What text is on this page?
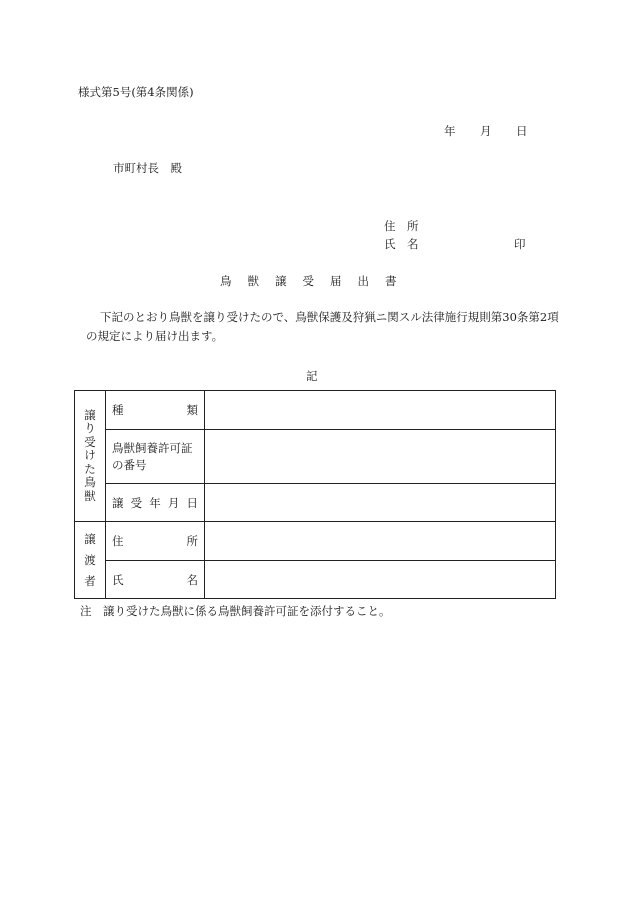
様式第5号(第4条関係)
年 月 日
市町村長　殿
住　所
氏　名	印
鳥 獣 譲 受 届 出 書
下記のとおり鳥獣を譲り受けたので、鳥獣保護及狩猟ニ関スル法律施行規則第30条第2項の規定により届け出ます。
記
譲り受けた鳥獣	種 類	

	鳥獣飼養許可証の番号	

	譲 受 年 月 日	

譲渡者	住 所	

	氏 名	

注　譲り受けた鳥獣に係る鳥獣飼養許可証を添付すること。
